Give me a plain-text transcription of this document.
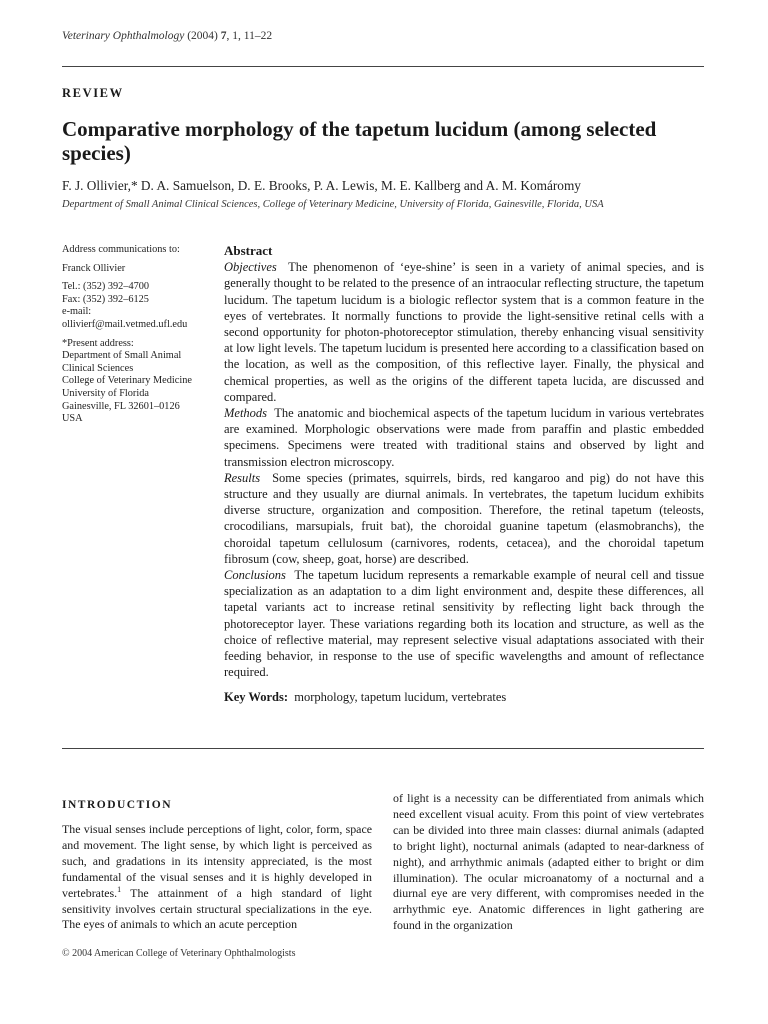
Veterinary Ophthalmology (2004) 7, 1, 11–22
REVIEW
Comparative morphology of the tapetum lucidum (among selected species)
F. J. Ollivier,* D. A. Samuelson, D. E. Brooks, P. A. Lewis, M. E. Kallberg and A. M. Komáromy
Department of Small Animal Clinical Sciences, College of Veterinary Medicine, University of Florida, Gainesville, Florida, USA
Address communications to:
Franck Ollivier
Tel.: (352) 392–4700
Fax: (352) 392–6125
e-mail:
ollivierf@mail.vetmed.ufl.edu
*Present address:
Department of Small Animal
Clinical Sciences
College of Veterinary Medicine
University of Florida
Gainesville, FL 32601–0126
USA
Abstract
Objectives The phenomenon of ‘eye-shine’ is seen in a variety of animal species, and is generally thought to be related to the presence of an intraocular reflecting structure, the tapetum lucidum. The tapetum lucidum is a biologic reflector system that is a common feature in the eyes of vertebrates. It normally functions to provide the light-sensitive retinal cells with a second opportunity for photon-photoreceptor stimulation, thereby enhancing visual sensitivity at low light levels. The tapetum lucidum is presented here according to a classification based on the location, as well as the composition, of this reflective layer. Finally, the physical and chemical properties, as well as the origins of the different tapeta lucida, are discussed and compared.
Methods The anatomic and biochemical aspects of the tapetum lucidum in various vertebrates are examined. Morphologic observations were made from paraffin and plastic embedded specimens. Specimens were treated with traditional stains and observed by light and transmission electron microscopy.
Results Some species (primates, squirrels, birds, red kangaroo and pig) do not have this structure and they usually are diurnal animals. In vertebrates, the tapetum lucidum exhibits diverse structure, organization and composition. Therefore, the retinal tapetum (teleosts, crocodilians, marsupials, fruit bat), the choroidal guanine tapetum (elasmobranchs), the choroidal tapetum cellulosum (carnivores, rodents, cetacea), and the choroidal tapetum fibrosum (cow, sheep, goat, horse) are described.
Conclusions The tapetum lucidum represents a remarkable example of neural cell and tissue specialization as an adaptation to a dim light environment and, despite these differences, all tapetal variants act to increase retinal sensitivity by reflecting light back through the photoreceptor layer. These variations regarding both its location and structure, as well as the choice of reflective material, may represent selective visual adaptations associated with their feeding behavior, in response to the use of specific wavelengths and amount of reflectance required.
Key Words: morphology, tapetum lucidum, vertebrates
INTRODUCTION
The visual senses include perceptions of light, color, form, space and movement. The light sense, by which light is perceived as such, and gradations in its intensity appreciated, is the most fundamental of the visual senses and it is highly developed in vertebrates.$^1$ The attainment of a high standard of light sensitivity involves certain structural specializations in the eye. The eyes of animals to which an acute perception
of light is a necessity can be differentiated from animals which need excellent visual acuity. From this point of view vertebrates can be divided into three main classes: diurnal animals (adapted to bright light), nocturnal animals (adapted to near-darkness of night), and arrhythmic animals (adapted either to bright or dim illumination). The ocular microanatomy of a nocturnal and a diurnal eye are very different, with compromises needed in the arrhythmic eye. Anatomic differences in light gathering are found in the organization
© 2004 American College of Veterinary Ophthalmologists
